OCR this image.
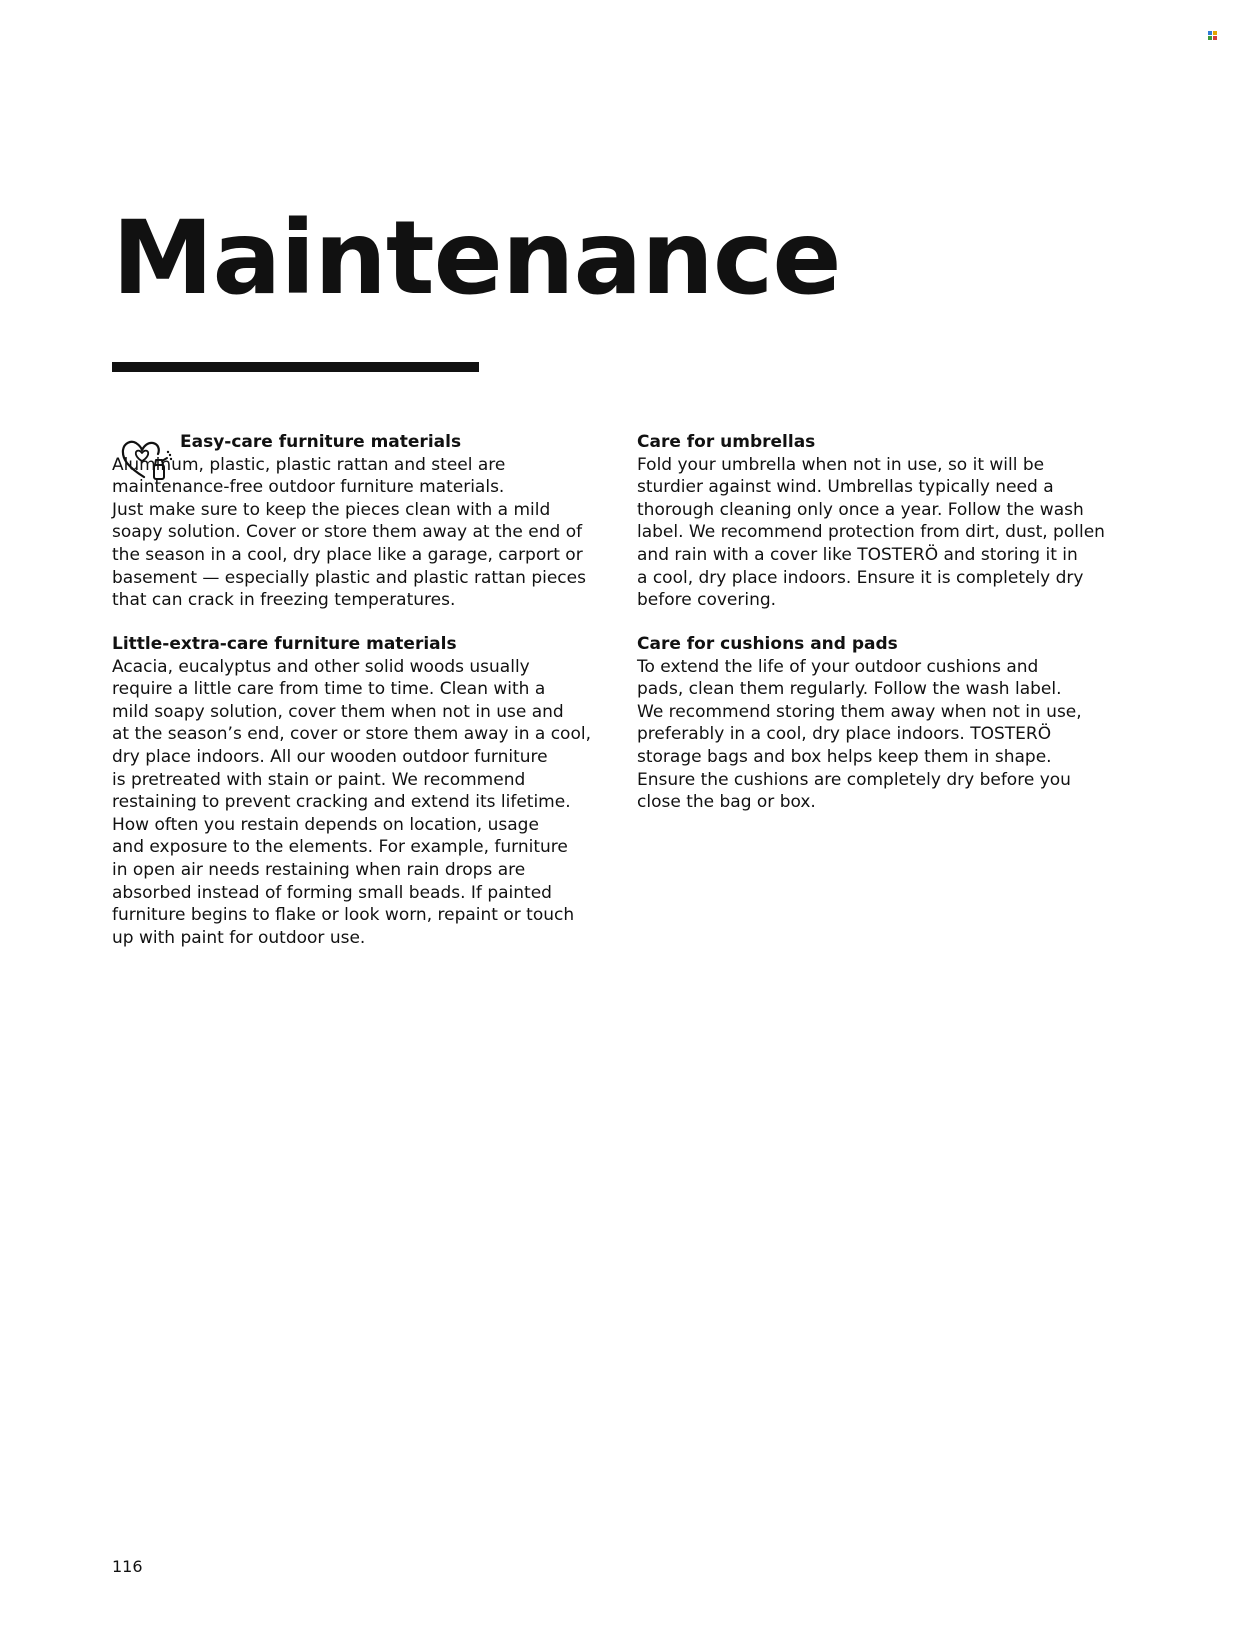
Maintenance
Easy-care furniture materials

Aluminum, plastic, plastic rattan and steel are
maintenance-free outdoor furniture materials.
Just make sure to keep the pieces clean with a mild
soapy solution. Cover or store them away at the end of
the season in a cool, dry place like a garage, carport or
basement — especially plastic and plastic rattan pieces
that can crack in freezing temperatures.

Little-extra-care furniture materials

Acacia, eucalyptus and other solid woods usually
require a little care from time to time. Clean with a
mild soapy solution, cover them when not in use and
at the season’s end, cover or store them away in a cool,
dry place indoors. All our wooden outdoor furniture
is pretreated with stain or paint. We recommend
restaining to prevent cracking and extend its lifetime.
How often you restain depends on location, usage
and exposure to the elements. For example, furniture
in open air needs restaining when rain drops are
absorbed instead of forming small beads. If painted
furniture begins to flake or look worn, repaint or touch
up with paint for outdoor use.

Care for umbrellas

Fold your umbrella when not in use, so it will be
sturdier against wind. Umbrellas typically need a
thorough cleaning only once a year. Follow the wash
label. We recommend protection from dirt, dust, pollen
and rain with a cover like TOSTERÖ and storing it in
a cool, dry place indoors. Ensure it is completely dry
before covering.

Care for cushions and pads

To extend the life of your outdoor cushions and
pads, clean them regularly. Follow the wash label.
We recommend storing them away when not in use,
preferably in a cool, dry place indoors. TOSTERÖ
storage bags and box helps keep them in shape.
Ensure the cushions are completely dry before you
close the bag or box.

116
